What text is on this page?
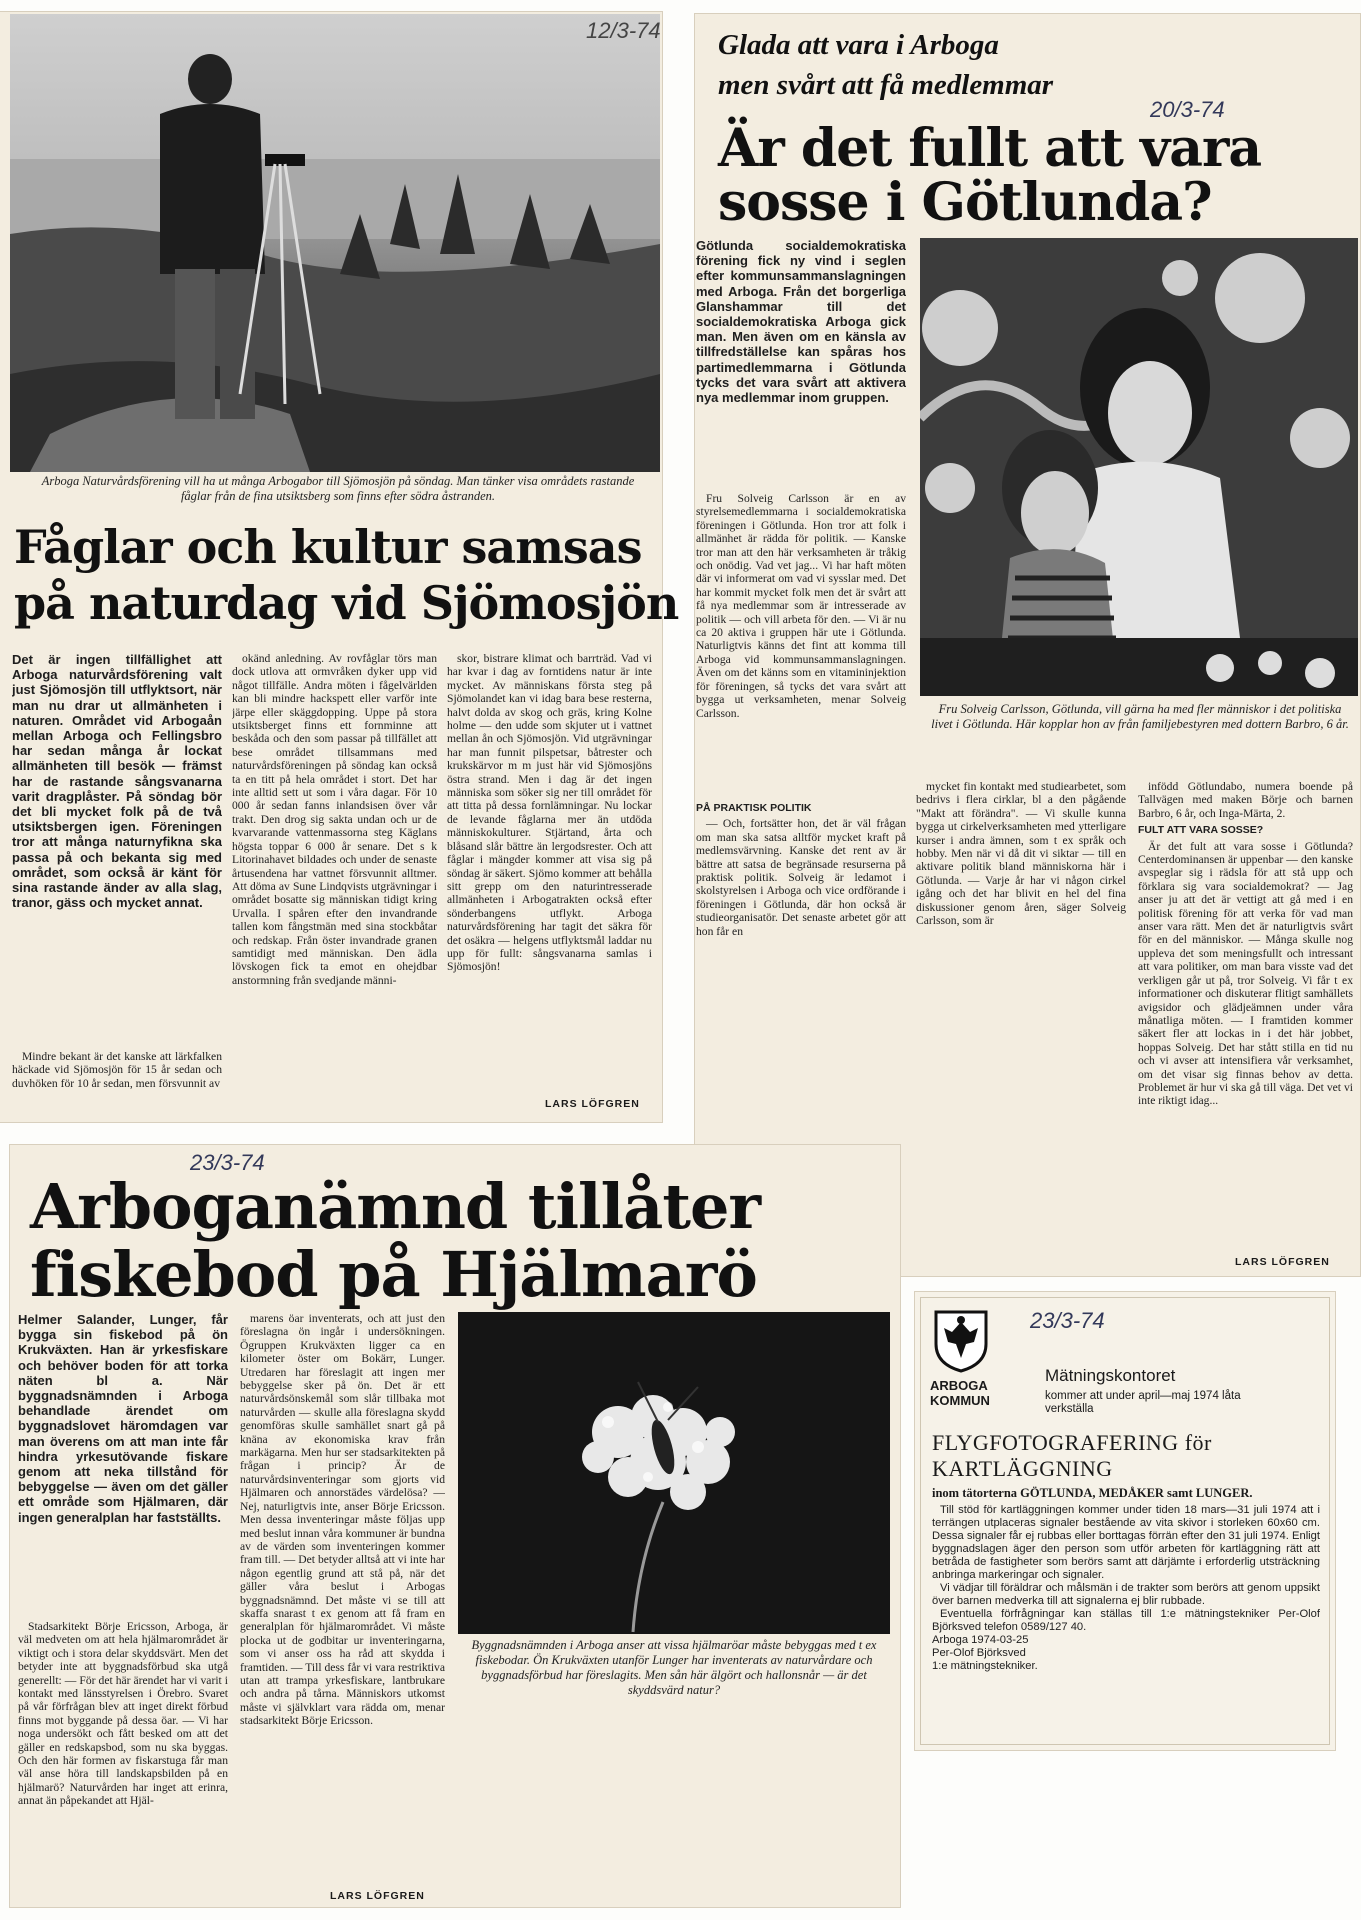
12/3-74
Arboga Naturvårdsförening vill ha ut många Arbogabor till Sjömosjön på söndag. Man tänker visa områdets rastande fåglar från de fina utsiktsberg som finns efter södra åstranden.
Fåglar och kultur samsas
på naturdag vid Sjömosjön

Det är ingen tillfällighet att Arboga naturvårdsförening valt just Sjömosjön till utflyktsort, när man nu drar ut allmänheten i naturen. Området vid Arbogaån mellan Arboga och Fellingsbro har sedan många år lockat allmänheten till besök — främst har de rastande sångsvanarna varit dragplåster. På söndag bör det bli mycket folk på de två utsiktsbergen igen. Föreningen tror att många naturnyfikna ska passa på och bekanta sig med området, som också är känt för sina rastande änder av alla slag, tranor, gäss och mycket annat.

Mindre bekant är det kanske att lärkfalken häckade vid Sjömosjön för 15 år sedan och duvhöken för 10 år sedan, men försvunnit av

okänd anledning. Av rovfåglar törs man dock utlova att ormvråken dyker upp vid något tillfälle. Andra möten i fågelvärlden kan bli mindre hackspett eller varför inte järpe eller skäggdopping. Uppe på stora utsiktsberget finns ett fornminne att beskåda och den som passar på tillfället att bese området tillsammans med naturvårdsföreningen på söndag kan också ta en titt på hela området i stort. Det har inte alltid sett ut som i våra dagar. För 10 000 år sedan fanns inlandsisen över vår trakt. Den drog sig sakta undan och ur de kvarvarande vattenmassorna steg Käglans högsta toppar 6 000 år senare. Det s k Litorinahavet bildades och under de senaste årtusendena har vattnet försvunnit alltmer. Att döma av Sune Lindqvists utgrävningar i området bosatte sig människan tidigt kring Urvalla. I spåren efter den invandrande tallen kom fångstmän med sina stockbåtar och redskap. Från öster invandrade granen samtidigt med människan. Den ädla lövskogen fick ta emot en ohejdbar anstormning från svedjande männi-

skor, bistrare klimat och barrträd. Vad vi har kvar i dag av forntidens natur är inte mycket. Av människans första steg på Sjömolandet kan vi idag bara bese resterna, halvt dolda av skog och gräs, kring Kolne holme — den udde som skjuter ut i vattnet mellan ån och Sjömosjön. Vid utgrävningar har man funnit pilspetsar, båtrester och krukskärvor m m just här vid Sjömosjöns östra strand. Men i dag är det ingen människa som söker sig ner till området för att titta på dessa fornlämningar. Nu lockar de levande fåglarna mer än utdöda människokulturer. Stjärtand, årta och blåsand slår bättre än lergodsrester. Och att fåglar i mängder kommer att visa sig på söndag är säkert. Sjömo kommer att behålla sitt grepp om den naturintresserade allmänheten i Arbogatrakten också efter sönderbangens utflykt. Arboga naturvårdsförening har tagit det säkra för det osäkra — helgens utflyktsmål laddar nu upp för fullt: sångsvanarna samlas i Sjömosjön!

LARS LÖFGREN
20/3-74
Glada att vara i Arboga
men svårt att få medlemmar
Är det fullt att vara
sosse i Götlunda?

Götlunda socialdemokratiska förening fick ny vind i seglen efter kommunsammanslagningen med Arboga. Från det borgerliga Glanshammar till det socialdemokratiska Arboga gick man. Men även om en känsla av tillfredställelse kan spåras hos partimedlemmarna i Götlunda tycks det vara svårt att aktivera nya medlemmar inom gruppen.

Fru Solveig Carlsson är en av styrelsemedlemmarna i socialdemokratiska föreningen i Götlunda. Hon tror att folk i allmänhet är rädda för politik. — Kanske tror man att den här verksamheten är tråkig och onödig. Vad vet jag... Vi har haft möten där vi informerat om vad vi sysslar med. Det har kommit mycket folk men det är svårt att få nya medlemmar som är intresserade av politik — och vill arbeta för den. — Vi är nu ca 20 aktiva i gruppen här ute i Götlunda. Naturligtvis känns det fint att komma till Arboga vid kommunsammanslagningen. Även om det känns som en vitamininjektion för föreningen, så tycks det vara svårt att bygga ut verksamheten, menar Solveig Carlsson.	Fru Solveig Carlsson, Götlunda, vill gärna ha med fler människor i det politiska livet i Götlunda. Här kopplar hon av från familjebestyren med dottern Barbro, 6 år.
PÅ PRAKTISK POLITIK

— Och, fortsätter hon, det är väl frågan om man ska satsa alltför mycket kraft på medlemsvärvning. Kanske det rent av är bättre att satsa de begränsade resurserna på praktisk politik. Solveig är ledamot i skolstyrelsen i Arboga och vice ordförande i föreningen i Götlunda, där hon också är studieorganisatör. Det senaste arbetet gör att hon får en

mycket fin kontakt med studiearbetet, som bedrivs i flera cirklar, bl a den pågående "Makt att förändra". — Vi skulle kunna bygga ut cirkelverksamheten med ytterligare kurser i andra ämnen, som t ex språk och hobby. Men när vi då dit vi siktar — till en aktivare politik bland människorna här i Götlunda. — Varje år har vi någon cirkel igång och det har blivit en hel del fina diskussioner genom åren, säger Solveig Carlsson, som är

infödd Götlundabo, numera boende på Tallvägen med maken Börje och barnen Barbro, 6 år, och Inga-Märta, 2.

FULT ATT VARA SOSSE?

Är det fult att vara sosse i Götlunda? Centerdominansen är uppenbar — den kanske avspeglar sig i rädsla för att stå upp och förklara sig vara socialdemokrat? — Jag anser ju att det är vettigt att gå med i en politisk förening för att verka för vad man anser vara rätt. Men det är naturligtvis svårt för en del människor. — Många skulle nog uppleva det som meningsfullt och intressant att vara politiker, om man bara visste vad det verkligen går ut på, tror Solveig. Vi får t ex informationer och diskuterar flitigt samhällets avigsidor och glädjeämnen under våra månatliga möten. — I framtiden kommer säkert fler att lockas in i det här jobbet, hoppas Solveig. Det har stått stilla en tid nu och vi avser att intensifiera vår verksamhet, om det visar sig finnas behov av detta. Problemet är hur vi ska gå till väga. Det vet vi inte riktigt idag...

LARS LÖFGREN
23/3-74
Arboganämnd tillåter
fiskebod på Hjälmarö

Helmer Salander, Lunger, får bygga sin fiskebod på ön Krukväxten. Han är yrkesfiskare och behöver boden för att torka näten bl a. När byggnadsnämnden i Arboga behandlade ärendet om byggnadslovet häromdagen var man överens om att man inte får hindra yrkesutövande fiskare genom att neka tillstånd för bebyggelse — även om det gäller ett område som Hjälmaren, där ingen generalplan har fastställts.

Stadsarkitekt Börje Ericsson, Arboga, är väl medveten om att hela hjälmarområdet är viktigt och i stora delar skyddsvärt. Men det betyder inte att byggnadsförbud ska utgå generellt: — För det här ärendet har vi varit i kontakt med länsstyrelsen i Örebro. Svaret på vår förfrågan blev att inget direkt förbud finns mot byggande på dessa öar. — Vi har noga undersökt och fått besked om att det gäller en redskapsbod, som nu ska byggas. Och den här formen av fiskarstuga får man väl anse höra till landskapsbilden på en hjälmarö? Naturvården har inget att erinra, annat än påpekandet att Hjäl-

marens öar inventerats, och att just den föreslagna ön ingår i undersökningen. Ögruppen Krukväxten ligger ca en kilometer öster om Bokärr, Lunger. Utredaren har föreslagit att ingen mer bebyggelse sker på ön. Det är ett naturvårdsönskemål som slår tillbaka mot naturvården — skulle alla föreslagna skydd genomföras skulle samhället snart gå på knäna av ekonomiska krav från markägarna. Men hur ser stadsarkitekten på frågan i princip? Är de naturvårdsinventeringar som gjorts vid Hjälmaren och annorstädes värdelösa? — Nej, naturligtvis inte, anser Börje Ericsson. Men dessa inventeringar måste följas upp med beslut innan våra kommuner är bundna av de värden som inventeringen kommer fram till. — Det betyder alltså att vi inte har någon egentlig grund att stå på, när det gäller våra beslut i Arbogas byggnadsnämnd. Det måste vi se till att skaffa snarast t ex genom att få fram en generalplan för hjälmarområdet. Vi måste plocka ut de godbitar ur inventeringarna, som vi anser oss ha råd att skydda i framtiden. — Till dess får vi vara restriktiva utan att trampa yrkesfiskare, lantbrukare och andra på tårna. Människors utkomst måste vi självklart vara rädda om, menar stadsarkitekt Börje Ericsson.

Byggnadsnämnden i Arboga anser att vissa hjälmaröar måste bebyggas med t ex fiskebodar. Ön Krukväxten utanför Lunger har inventerats av naturvårdare och byggnadsförbud har föreslagits. Men sån här älgört och hallonsnår — är det skyddsvärd natur?
LARS LÖFGREN
23/3-74
ARBOGA
KOMMUN
Mätningskontoret
kommer att under april—maj 1974 låta verkställa
FLYGFOTOGRAFERING för
KARTLÄGGNING
inom tätorterna GÖTLUNDA, MEDÅKER samt LUNGER.

Till stöd för kartläggningen kommer under tiden 18 mars—31 juli 1974 att i terrängen utplaceras signaler bestående av vita skivor i storleken 60x60 cm. Dessa signaler får ej rubbas eller borttagas förrän efter den 31 juli 1974. Enligt byggnadslagen äger den person som utför arbeten för kartläggning rätt att betråda de fastigheter som berörs samt att därjämte i erforderlig utsträckning anbringa markeringar och signaler.

Vi vädjar till föräldrar och målsmän i de trakter som berörs att genom uppsikt över barnen medverka till att signalerna ej blir rubbade.

Eventuella förfrågningar kan ställas till 1:e mätningstekniker Per-Olof Björksved telefon 0589/127 40.

Arboga 1974-03-25
Per-Olof Björksved
1:e mätningstekniker.
